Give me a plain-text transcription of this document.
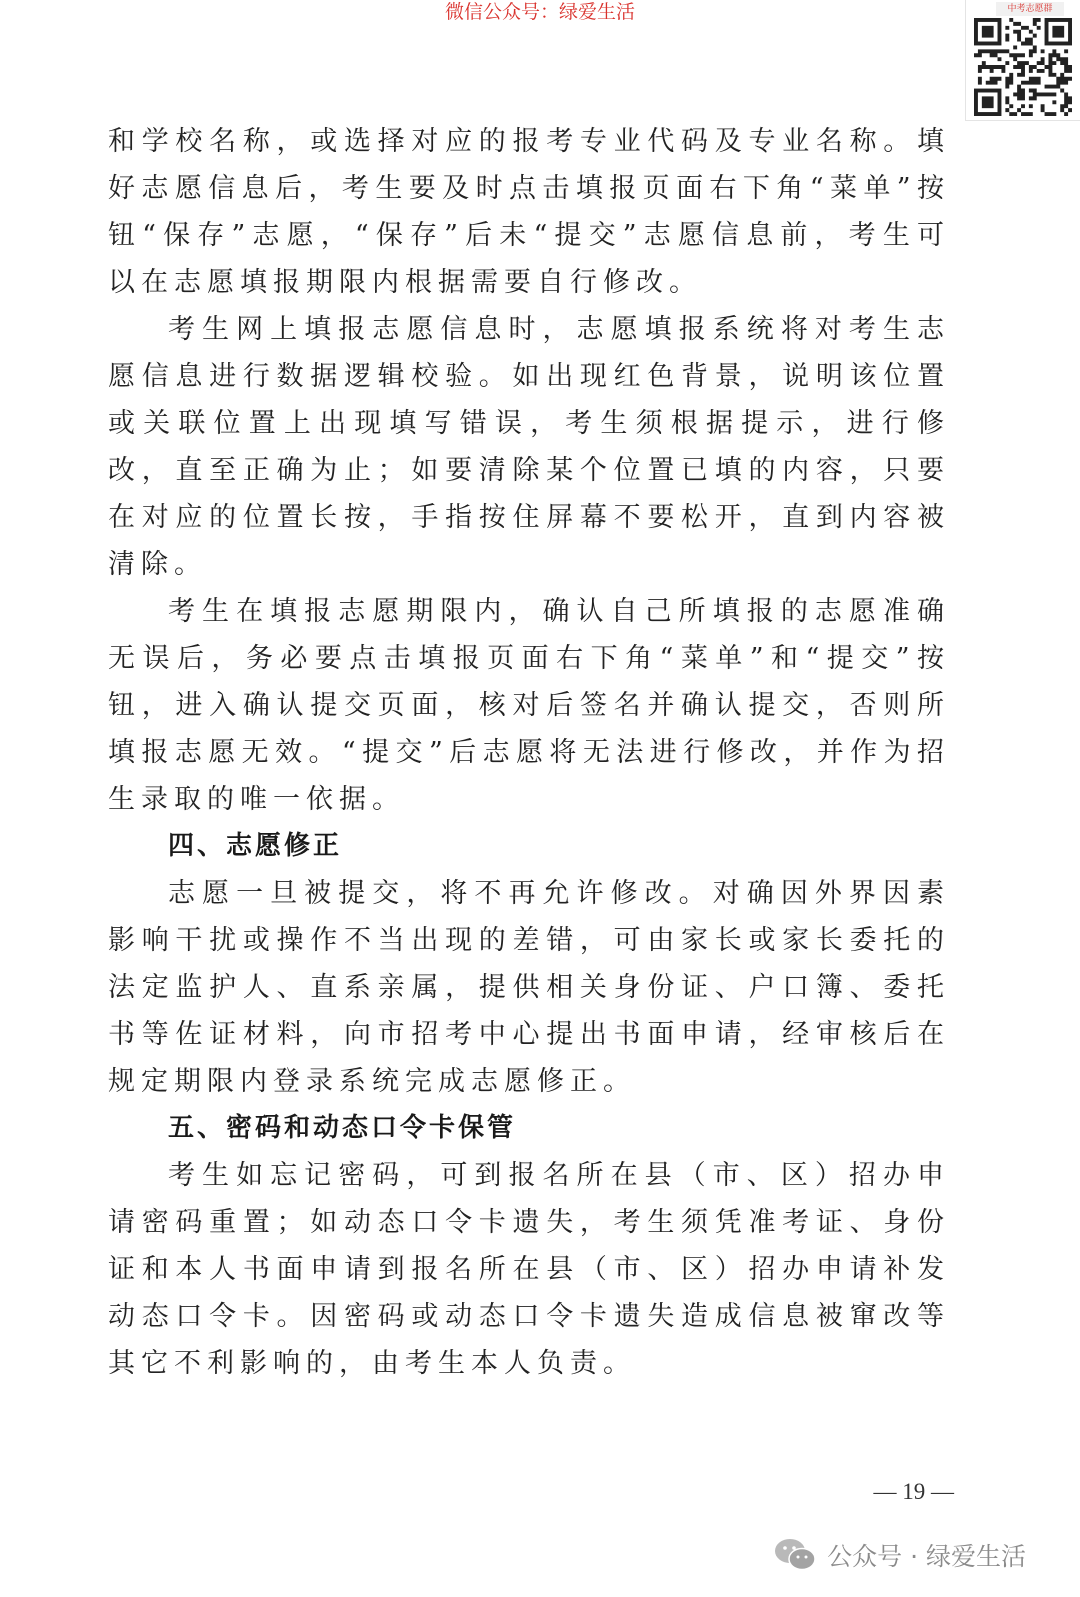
微信公众号：绿爱生活	中考志愿群

和学校名称，或选择对应的报考专业代码及专业名称。填好志愿信息后，考生要及时点击填报页面右下角“菜单”按钮“保存”志愿，“保存”后未“提交”志愿信息前，考生可以在志愿填报期限内根据需要自行修改。

考生网上填报志愿信息时，志愿填报系统将对考生志愿信息进行数据逻辑校验。如出现红色背景，说明该位置或关联位置上出现填写错误，考生须根据提示，进行修改，直至正确为止；如要清除某个位置已填的内容，只要在对应的位置长按，手指按住屏幕不要松开，直到内容被清除。

考生在填报志愿期限内，确认自己所填报的志愿准确无误后，务必要点击填报页面右下角“菜单”和“提交”按钮，进入确认提交页面，核对后签名并确认提交，否则所填报志愿无效。“提交”后志愿将无法进行修改，并作为招生录取的唯一依据。

四、志愿修正

志愿一旦被提交，将不再允许修改。对确因外界因素影响干扰或操作不当出现的差错，可由家长或家长委托的法定监护人、直系亲属，提供相关身份证、户口簿、委托书等佐证材料，向市招考中心提出书面申请，经审核后在规定期限内登录系统完成志愿修正。

五、密码和动态口令卡保管

考生如忘记密码，可到报名所在县（市、区）招办申请密码重置；如动态口令卡遗失，考生须凭准考证、身份证和本人书面申请到报名所在县（市、区）招办申请补发动态口令卡。因密码或动态口令卡遗失造成信息被窜改等其它不利影响的，由考生本人负责。

— 19 —
公众号 · 绿爱生活
